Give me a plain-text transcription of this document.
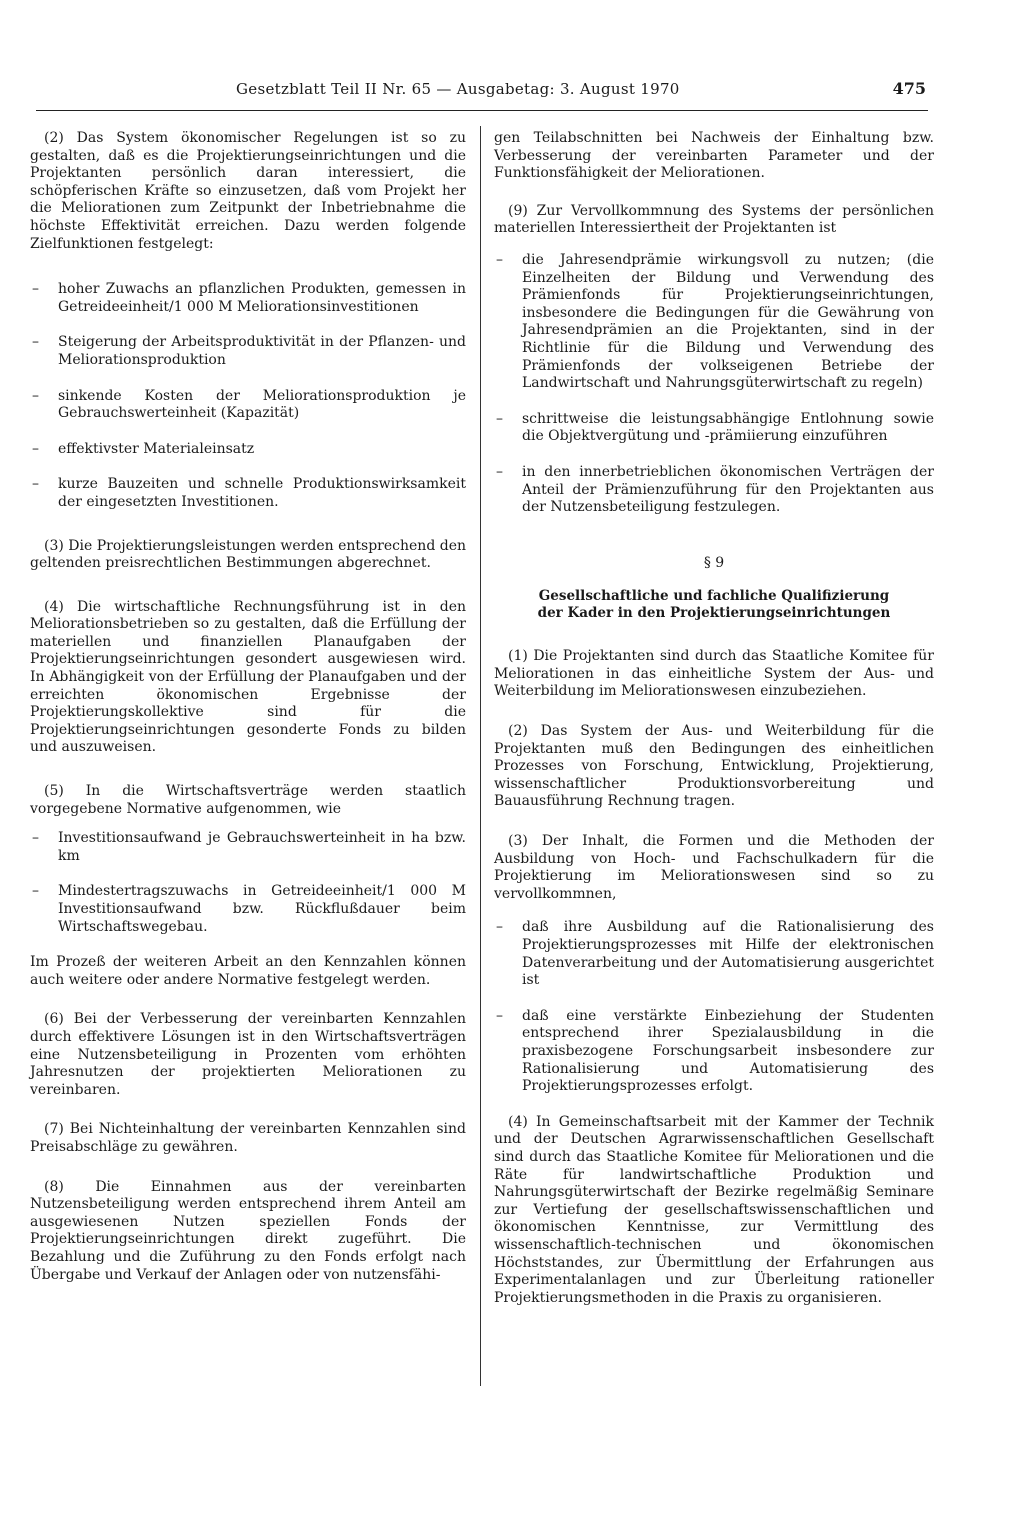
Gesetzblatt Teil II Nr. 65 — Ausgabetag: 3. August 1970	475

(2) Das System ökonomischer Regelungen ist so zu gestalten, daß es die Projektierungseinrichtungen und die Projektanten persönlich daran interessiert, die schöpferischen Kräfte so einzusetzen, daß vom Projekt her die Meliorationen zum Zeitpunkt der Inbetriebnahme die höchste Effektivität erreichen. Dazu werden folgende Zielfunktionen festgelegt:

– hoher Zuwachs an pflanzlichen Produkten, gemessen in Getreideeinheit/1 000 M Meliorationsinvestitionen
– Steigerung der Arbeitsproduktivität in der Pflanzen- und Meliorationsproduktion
– sinkende Kosten der Meliorationsproduktion je Gebrauchswerteinheit (Kapazität)
– effektivster Materialeinsatz
– kurze Bauzeiten und schnelle Produktionswirksamkeit der eingesetzten Investitionen.

(3) Die Projektierungsleistungen werden entsprechend den geltenden preisrechtlichen Bestimmungen abgerechnet.

(4) Die wirtschaftliche Rechnungsführung ist in den Meliorationsbetrieben so zu gestalten, daß die Erfüllung der materiellen und finanziellen Planaufgaben der Projektierungseinrichtungen gesondert ausgewiesen wird. In Abhängigkeit von der Erfüllung der Planaufgaben und der erreichten ökonomischen Ergebnisse der Projektierungskollektive sind für die Projektierungseinrichtungen gesonderte Fonds zu bilden und auszuweisen.

(5) In die Wirtschaftsverträge werden staatlich vorgegebene Normative aufgenommen, wie

– Investitionsaufwand je Gebrauchswerteinheit in ha bzw. km
– Mindestertragszuwachs in Getreideeinheit/1 000 M Investitionsaufwand bzw. Rückflußdauer beim Wirtschaftswegebau.

Im Prozeß der weiteren Arbeit an den Kennzahlen können auch weitere oder andere Normative festgelegt werden.

(6) Bei der Verbesserung der vereinbarten Kennzahlen durch effektivere Lösungen ist in den Wirtschaftsverträgen eine Nutzensbeteiligung in Prozenten vom erhöhten Jahresnutzen der projektierten Meliorationen zu vereinbaren.

(7) Bei Nichteinhaltung der vereinbarten Kennzahlen sind Preisabschläge zu gewähren.

(8) Die Einnahmen aus der vereinbarten Nutzensbeteiligung werden entsprechend ihrem Anteil am ausgewiesenen Nutzen speziellen Fonds der Projektierungseinrichtungen direkt zugeführt. Die Bezahlung und die Zuführung zu den Fonds erfolgt nach Übergabe und Verkauf der Anlagen oder von nutzensfähi-

gen Teilabschnitten bei Nachweis der Einhaltung bzw. Verbesserung der vereinbarten Parameter und der Funktionsfähigkeit der Meliorationen.

(9) Zur Vervollkommnung des Systems der persönlichen materiellen Interessiertheit der Projektanten ist

– die Jahresendprämie wirkungsvoll zu nutzen; (die Einzelheiten der Bildung und Verwendung des Prämienfonds für Projektierungseinrichtungen, insbesondere die Bedingungen für die Gewährung von Jahresendprämien an die Projektanten, sind in der Richtlinie für die Bildung und Verwendung des Prämienfonds der volkseigenen Betriebe der Landwirtschaft und Nahrungsgüterwirtschaft zu regeln)
– schrittweise die leistungsabhängige Entlohnung sowie die Objektvergütung und -prämiierung einzuführen
– in den innerbetrieblichen ökonomischen Verträgen der Anteil der Prämienzuführung für den Projektanten aus der Nutzensbeteiligung festzulegen.
§ 9
Gesellschaftliche und fachliche Qualifizierung
der Kader in den Projektierungseinrichtungen

(1) Die Projektanten sind durch das Staatliche Komitee für Meliorationen in das einheitliche System der Aus- und Weiterbildung im Meliorationswesen einzubeziehen.

(2) Das System der Aus- und Weiterbildung für die Projektanten muß den Bedingungen des einheitlichen Prozesses von Forschung, Entwicklung, Projektierung, wissenschaftlicher Produktionsvorbereitung und Bauausführung Rechnung tragen.

(3) Der Inhalt, die Formen und die Methoden der Ausbildung von Hoch- und Fachschulkadern für die Projektierung im Meliorationswesen sind so zu vervollkommnen,

– daß ihre Ausbildung auf die Rationalisierung des Projektierungsprozesses mit Hilfe der elektronischen Datenverarbeitung und der Automatisierung ausgerichtet ist
– daß eine verstärkte Einbeziehung der Studenten entsprechend ihrer Spezialausbildung in die praxisbezogene Forschungsarbeit insbesondere zur Rationalisierung und Automatisierung des Projektierungsprozesses erfolgt.

(4) In Gemeinschaftsarbeit mit der Kammer der Technik und der Deutschen Agrarwissenschaftlichen Gesellschaft sind durch das Staatliche Komitee für Meliorationen und die Räte für landwirtschaftliche Produktion und Nahrungsgüterwirtschaft der Bezirke regelmäßig Seminare zur Vertiefung der gesellschaftswissenschaftlichen und ökonomischen Kenntnisse, zur Vermittlung des wissenschaftlich-technischen und ökonomischen Höchststandes, zur Übermittlung der Erfahrungen aus Experimentalanlagen und zur Überleitung rationeller Projektierungsmethoden in die Praxis zu organisieren.
